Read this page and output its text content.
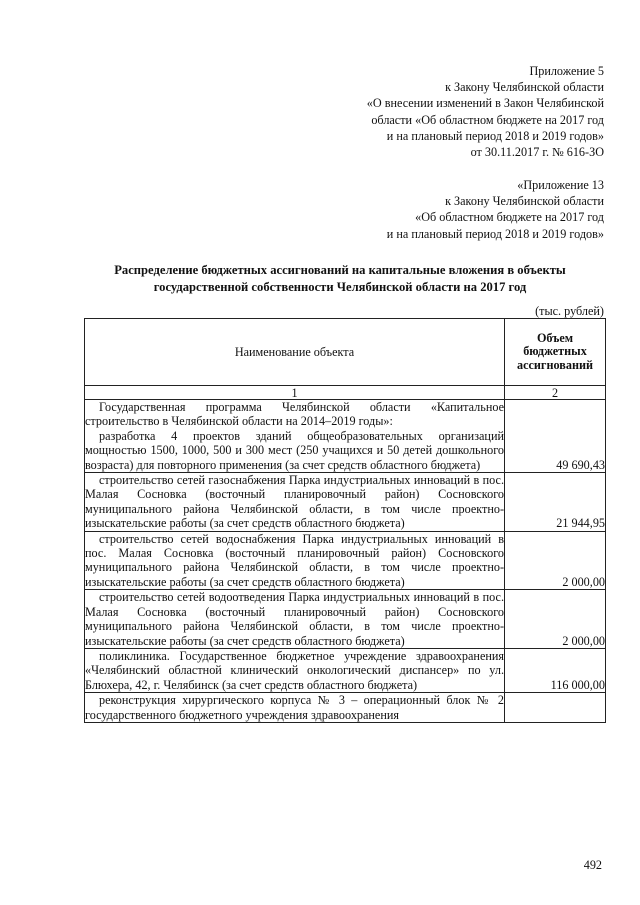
Приложение 5
к Закону Челябинской области
«О внесении изменений в Закон Челябинской
области «Об областном бюджете на 2017 год
и на плановый период 2018 и 2019 годов»
от 30.11.2017 г. № 616-ЗО
«Приложение 13
к Закону Челябинской области
«Об областном бюджете на 2017 год
и на плановый период 2018 и 2019 годов»
Распределение бюджетных ассигнований на капитальные вложения в объекты
государственной собственности Челябинской области на 2017 год
(тыс. рублей)
Наименование объекта	Объем бюджетных ассигнований
1	2

Государственная программа Челябинской области «Капитальное строительство в Челябинской области на 2014–2019 годы»:
разработка 4 проектов зданий общеобразовательных организаций мощностью 1500, 1000, 500 и 300 мест (250 учащихся и 50 детей дошкольного возраста) для повторного применения (за счет средств областного бюджета)	49 690,43

строительство сетей газоснабжения Парка индустриальных инноваций в пос. Малая Сосновка (восточный планировочный район) Сосновского муниципального района Челябинской области, в том числе проектно-изыскательские работы (за счет средств областного бюджета)	21 944,95

строительство сетей водоснабжения Парка индустриальных инноваций в пос. Малая Сосновка (восточный планировочный район) Сосновского муниципального района Челябинской области, в том числе проектно-изыскательские работы (за счет средств областного бюджета)	2 000,00

строительство сетей водоотведения Парка индустриальных инноваций в пос. Малая Сосновка (восточный планировочный район) Сосновского муниципального района Челябинской области, в том числе проектно-изыскательские работы (за счет средств областного бюджета)	2 000,00

поликлиника. Государственное бюджетное учреждение здравоохранения «Челябинский областной клинический онкологический диспансер» по ул. Блюхера, 42, г. Челябинск (за счет средств областного бюджета)	116 000,00

реконструкция хирургического корпуса № 3 – операционный блок № 2 государственного бюджетного учреждения здравоохранения	

492
